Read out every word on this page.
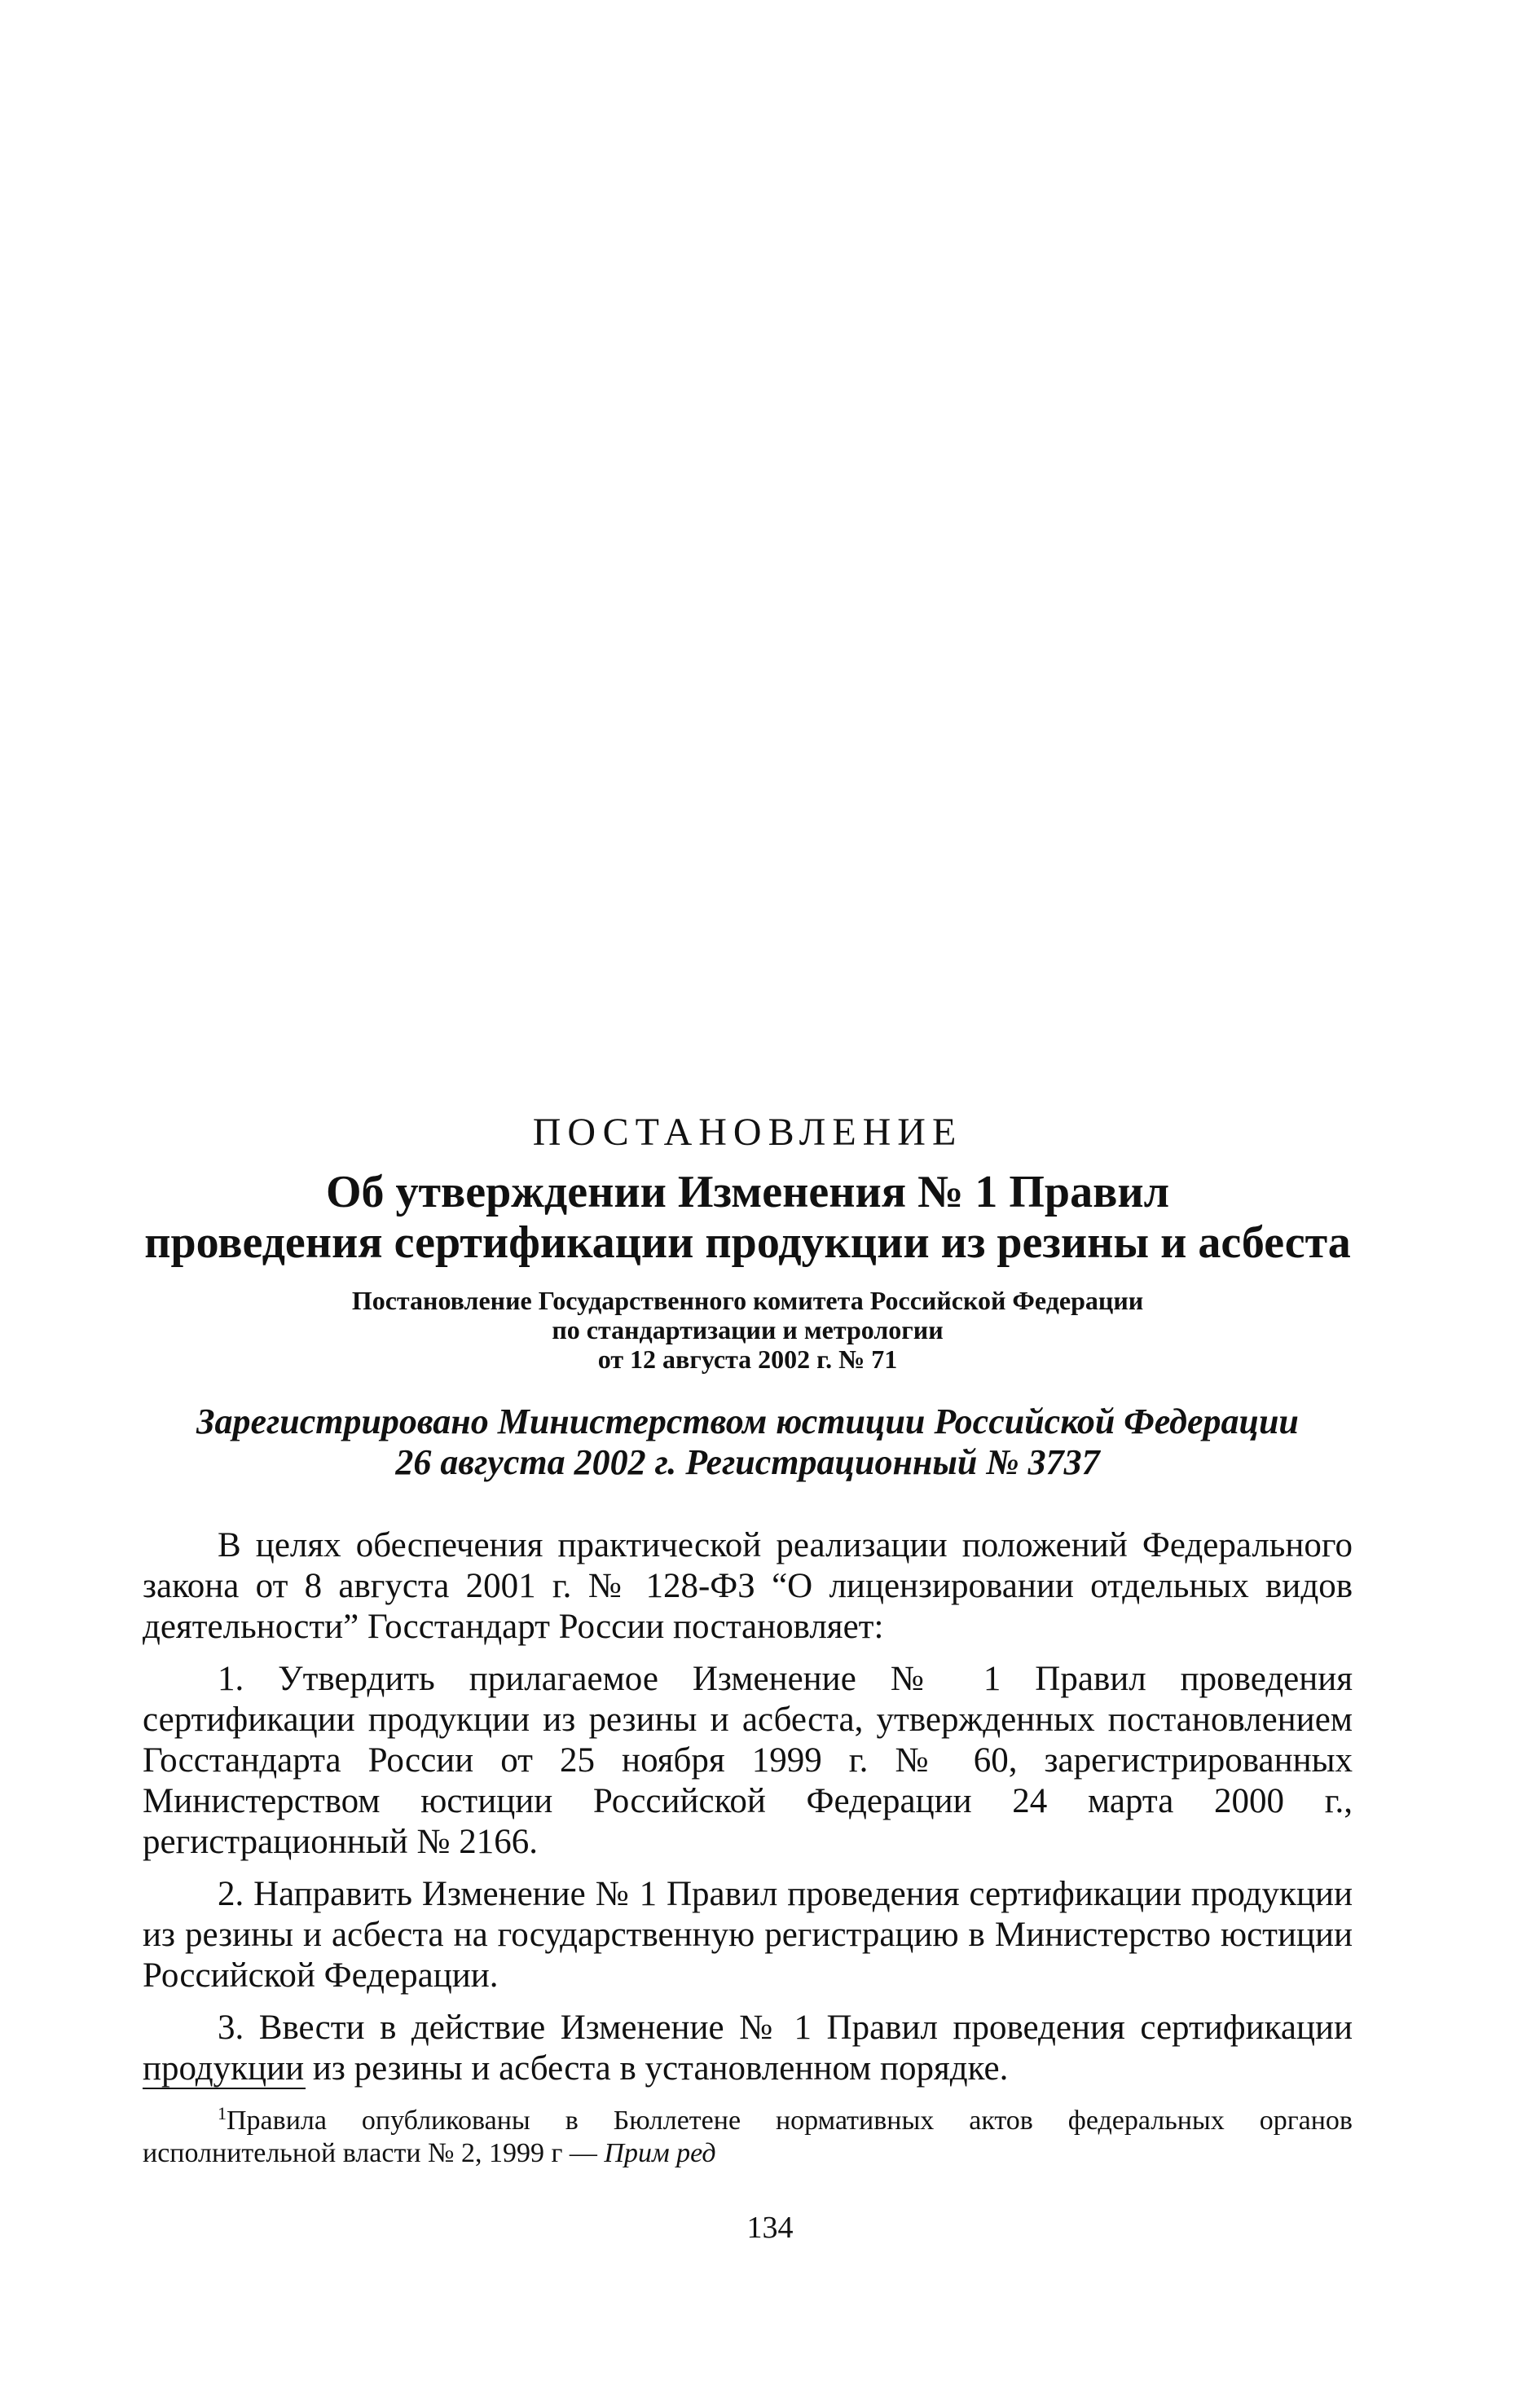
ПОСТАНОВЛЕНИЕ
Об утверждении Изменения № 1 Правил
проведения сертификации продукции из резины и асбеста
Постановление Государственного комитета Российской Федерации
по стандартизации и метрологии
от 12 августа 2002 г. № 71
Зарегистрировано Министерством юстиции Российской Федерации
26 августа 2002 г. Регистрационный № 3737

В целях обеспечения практической реализации положений Федерального закона от 8 августа 2001 г. № 128-ФЗ “О лицензировании отдельных видов деятельности” Госстандарт России постановляет:

1. Утвердить прилагаемое Изменение № 1 Правил проведения сертификации продукции из резины и асбеста, утвержденных постановлением Госстандарта России от 25 ноября 1999 г. № 60, зарегистрированных Министерством юстиции Российской Федерации 24 марта 2000 г., регистрационный № 2166.

2. Направить Изменение № 1 Правил проведения сертификации продукции из резины и асбеста на государственную регистрацию в Министерство юстиции Российской Федерации.

3. Ввести в действие Изменение № 1 Правил проведения сертификации продукции из резины и асбеста в установленном порядке.

$^1$Правила опубликованы в Бюллетене нормативных актов федеральных органов исполнительной власти № 2, 1999 г — Прим ред
134
